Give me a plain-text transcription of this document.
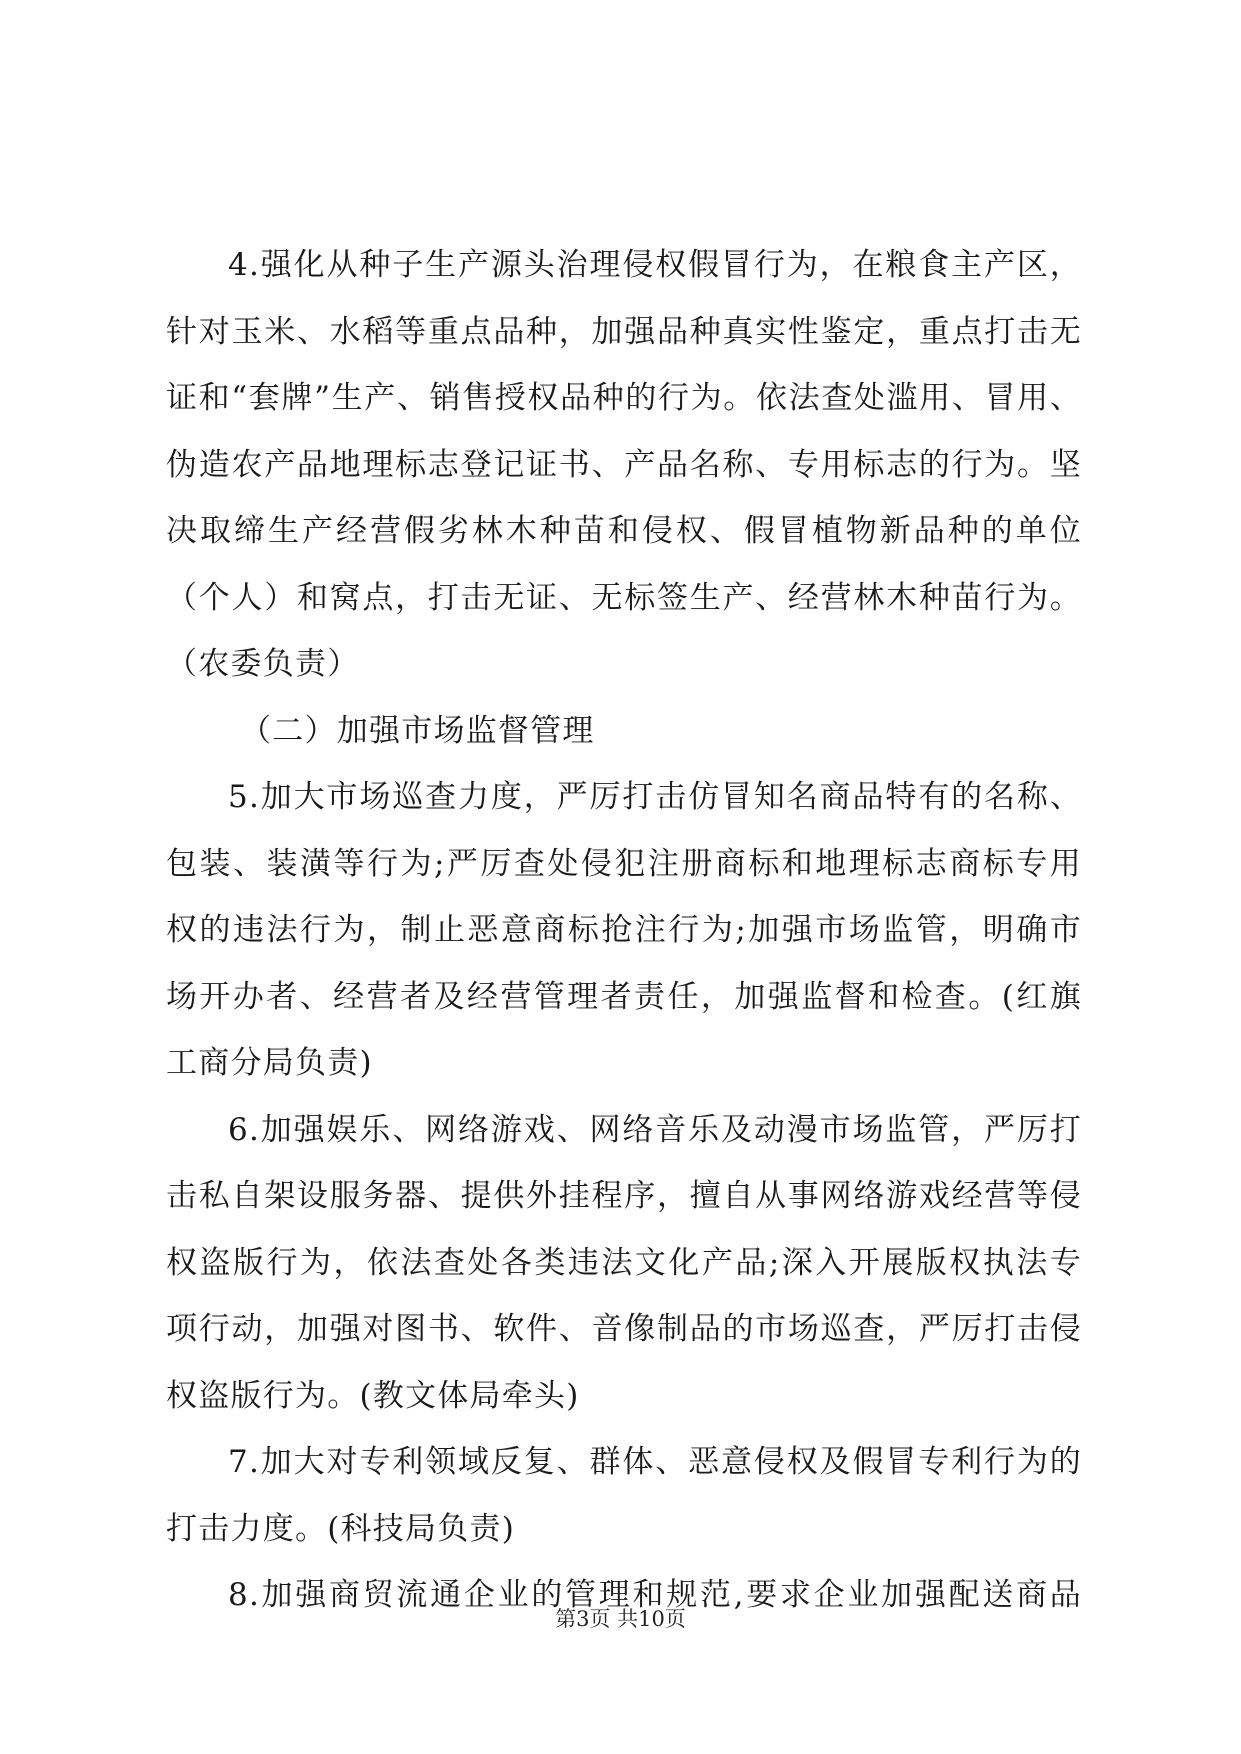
4.强化从种子生产源头治理侵权假冒行为，在粮食主产区，
针对玉米、水稻等重点品种，加强品种真实性鉴定，重点打击无
证和“套牌”生产、销售授权品种的行为。依法查处滥用、冒用、
伪造农产品地理标志登记证书、产品名称、专用标志的行为。坚
决取缔生产经营假劣林木种苗和侵权、假冒植物新品种的单位
（个人）和窝点，打击无证、无标签生产、经营林木种苗行为。
（农委负责）
（二）加强市场监督管理
5.加大市场巡查力度，严厉打击仿冒知名商品特有的名称、
包装、装潢等行为;严厉查处侵犯注册商标和地理标志商标专用
权的违法行为，制止恶意商标抢注行为;加强市场监管，明确市
场开办者、经营者及经营管理者责任，加强监督和检查。(红旗
工商分局负责)
6.加强娱乐、网络游戏、网络音乐及动漫市场监管，严厉打
击私自架设服务器、提供外挂程序，擅自从事网络游戏经营等侵
权盗版行为，依法查处各类违法文化产品;深入开展版权执法专
项行动，加强对图书、软件、音像制品的市场巡查，严厉打击侵
权盗版行为。(教文体局牵头)
7.加大对专利领域反复、群体、恶意侵权及假冒专利行为的
打击力度。(科技局负责)
8.加强商贸流通企业的管理和规范,要求企业加强配送商品
第3页 共10页
